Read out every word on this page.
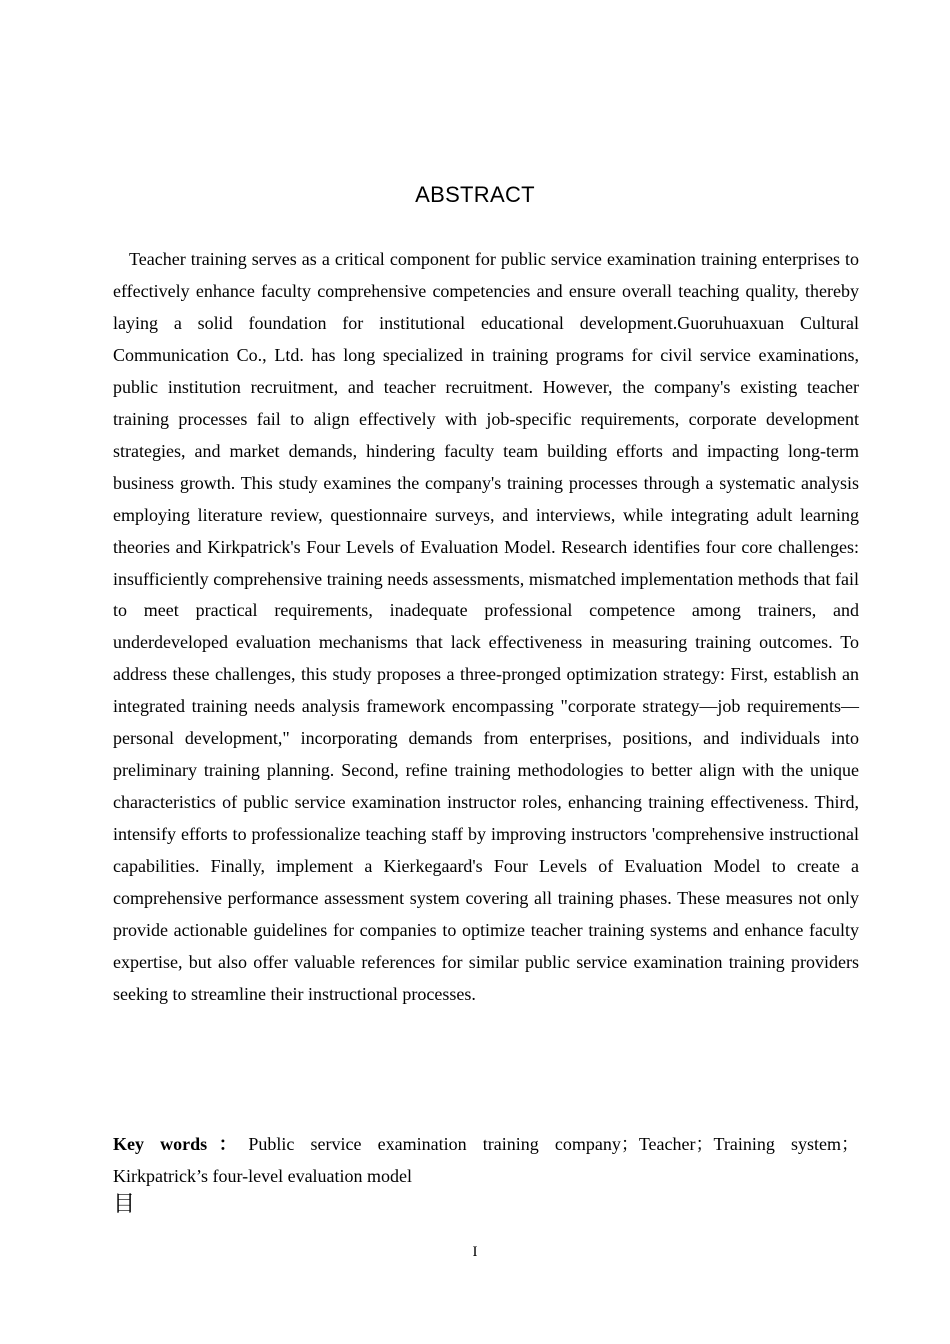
ABSTRACT

Teacher training serves as a critical component for public service examination training enterprises to effectively enhance faculty comprehensive competencies and ensure overall teaching quality, thereby laying a solid foundation for institutional educational development.Guoruhuaxuan Cultural Communication Co., Ltd. has long specialized in training programs for civil service examinations, public institution recruitment, and teacher recruitment. However, the company's existing teacher training processes fail to align effectively with job-specific requirements, corporate development strategies, and market demands, hindering faculty team building efforts and impacting long-term business growth. This study examines the company's training processes through a systematic analysis employing literature review, questionnaire surveys, and interviews, while integrating adult learning theories and Kirkpatrick's Four Levels of Evaluation Model. Research identifies four core challenges: insufficiently comprehensive training needs assessments, mismatched implementation methods that fail to meet practical requirements, inadequate professional competence among trainers, and underdeveloped evaluation mechanisms that lack effectiveness in measuring training outcomes. To address these challenges, this study proposes a three-pronged optimization strategy: First, establish an integrated training needs analysis framework encompassing "corporate strategy—job requirements—personal development," incorporating demands from enterprises, positions, and individuals into preliminary training planning. Second, refine training methodologies to better align with the unique characteristics of public service examination instructor roles, enhancing training effectiveness. Third, intensify efforts to professionalize teaching staff by improving instructors 'comprehensive instructional capabilities. Finally, implement a Kierkegaard's Four Levels of Evaluation Model to create a comprehensive performance assessment system covering all training phases. These measures not only provide actionable guidelines for companies to optimize teacher training systems and enhance faculty expertise, but also offer valuable references for similar public service examination training providers seeking to streamline their instructional processes.

Key words：Public service examination training company；Teacher；Training system；Kirkpatrick’s four-level evaluation model

目
I
